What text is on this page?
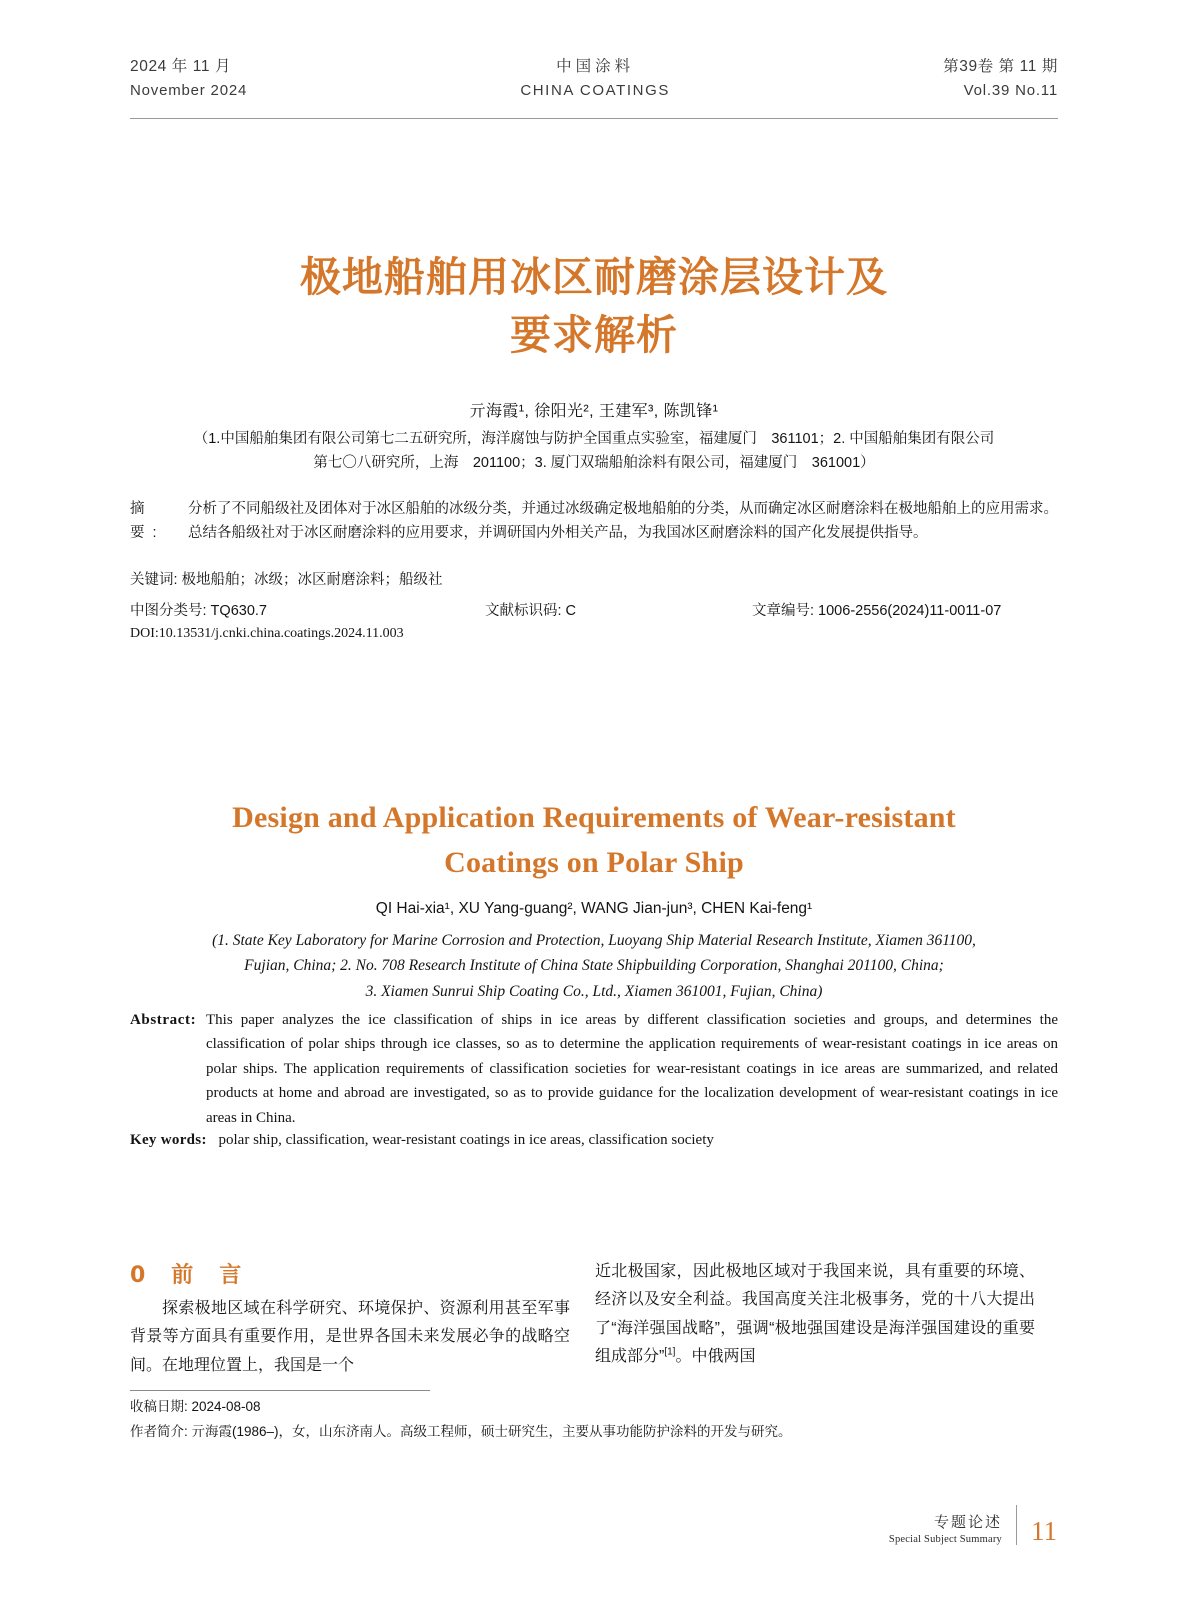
2024 年 11 月
November 2024
中国涂料
CHINA COATINGS
第39卷 第 11 期
Vol.39 No.11
极地船舶用冰区耐磨涂层设计及
要求解析
亓海霞¹, 徐阳光², 王建军³, 陈凯锋¹
（1.中国船舶集团有限公司第七二五研究所，海洋腐蚀与防护全国重点实验室，福建厦门　361101；2. 中国船舶集团有限公司
第七〇八研究所，上海　201100；3. 厦门双瑞船舶涂料有限公司，福建厦门　361001）
摘　要:
分析了不同船级社及团体对于冰区船舶的冰级分类，并通过冰级确定极地船舶的分类，从而确定冰区耐磨涂料在极地船舶上的应用需求。总结各船级社对于冰区耐磨涂料的应用要求，并调研国内外相关产品，为我国冰区耐磨涂料的国产化发展提供指导。
关键词: 极地船舶；冰级；冰区耐磨涂料；船级社
中图分类号: TQ630.7	文献标识码: C	文章编号: 1006-2556(2024)11-0011-07
DOI:10.13531/j.cnki.china.coatings.2024.11.003
Design and Application Requirements of Wear-resistant
Coatings on Polar Ship
QI Hai-xia¹, XU Yang-guang², WANG Jian-jun³, CHEN Kai-feng¹
(1. State Key Laboratory for Marine Corrosion and Protection, Luoyang Ship Material Research Institute, Xiamen 361100,
Fujian, China; 2. No. 708 Research Institute of China State Shipbuilding Corporation, Shanghai 201100, China;
3. Xiamen Sunrui Ship Coating Co., Ltd., Xiamen 361001, Fujian, China)
Abstract: This paper analyzes the ice classification of ships in ice areas by different classification societies and groups, and determines the classification of polar ships through ice classes, so as to determine the application requirements of wear-resistant coatings in ice areas on polar ships. The application requirements of classification societies for wear-resistant coatings in ice areas are summarized, and related products at home and abroad are investigated, so as to provide guidance for the localization development of wear-resistant coatings in ice areas in China.
Key words: polar ship, classification, wear-resistant coatings in ice areas, classification society
0　前　言

探索极地区域在科学研究、环境保护、资源利用甚至军事背景等方面具有重要作用，是世界各国未来发展必争的战略空间。在地理位置上，我国是一个

近北极国家，因此极地区域对于我国来说，具有重要的环境、经济以及安全利益。我国高度关注北极事务，党的十八大提出了“海洋强国战略”，强调“极地强国建设是海洋强国建设的重要组成部分”[1]。中俄两国

收稿日期: 2024-08-08
作者简介: 亓海霞(1986–)，女，山东济南人。高级工程师，硕士研究生，主要从事功能防护涂料的开发与研究。
专题论述
Special Subject Summary 11
